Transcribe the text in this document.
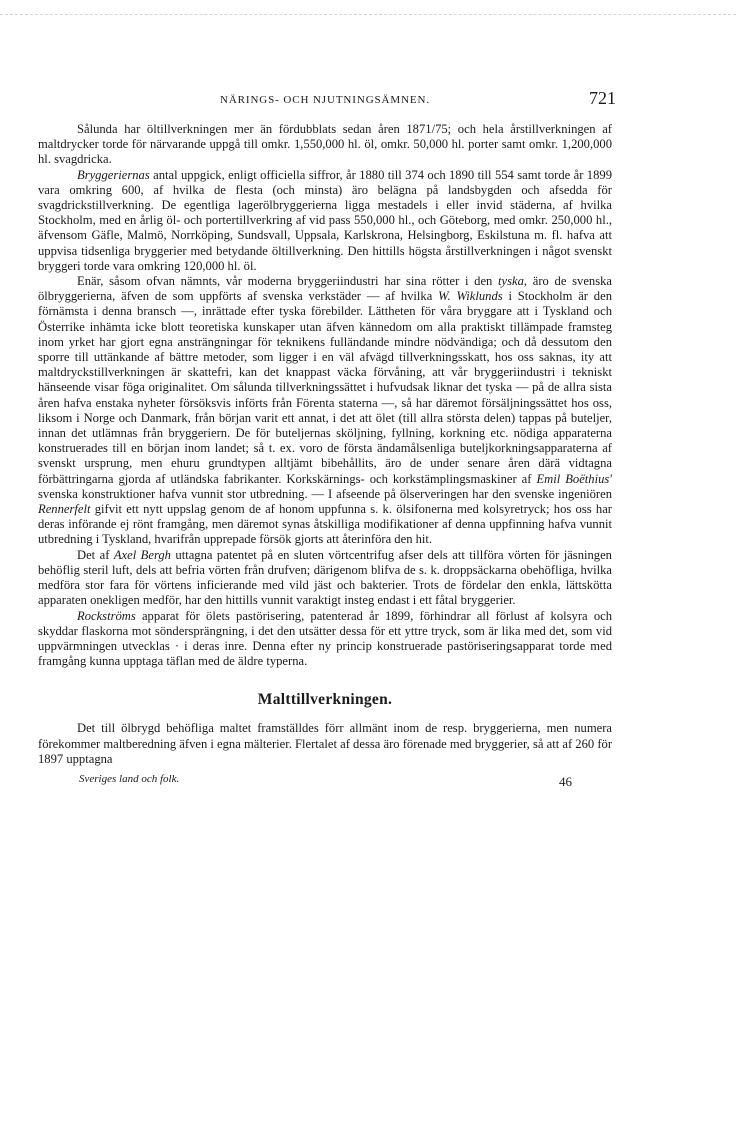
NÄRINGS- OCH NJUTNINGSÄMNEN.	721

Sålunda har öltillverkningen mer än fördubblats sedan åren 1871/75; och hela årstillverkningen af maltdrycker torde för närvarande uppgå till omkr. 1,550,000 hl. öl, omkr. 50,000 hl. porter samt omkr. 1,200,000 hl. svagdricka.

Bryggeriernas antal uppgick, enligt officiella siffror, år 1880 till 374 och 1890 till 554 samt torde år 1899 vara omkring 600, af hvilka de flesta (och minsta) äro belägna på landsbygden och afsedda för svagdrickstillverkning. De egentliga lagerölbryggerierna ligga mestadels i eller invid städerna, af hvilka Stockholm, med en årlig öl- och portertillverkring af vid pass 550,000 hl., och Göteborg, med omkr. 250,000 hl., äfvensom Gäfle, Malmö, Norrköping, Sundsvall, Uppsala, Karlskrona, Helsingborg, Eskilstuna m. fl. hafva att uppvisa tidsenliga bryggerier med betydande öltillverkning. Den hittills högsta årstillverkningen i något svenskt bryggeri torde vara omkring 120,000 hl. öl.

Enär, såsom ofvan nämnts, vår moderna bryggeriindustri har sina rötter i den tyska, äro de svenska ölbryggerierna, äfven de som uppförts af svenska verkstäder — af hvilka W. Wiklunds i Stockholm är den förnämsta i denna bransch —, inrättade efter tyska förebilder. Lättheten för våra bryggare att i Tyskland och Österrike inhämta icke blott teoretiska kunskaper utan äfven kännedom om alla praktiskt tillämpade framsteg inom yrket har gjort egna ansträngningar för teknikens fulländande mindre nödvändiga; och då dessutom den sporre till uttänkande af bättre metoder, som ligger i en väl afvägd tillverkningsskatt, hos oss saknas, ity att maltdryckstillverkningen är skattefri, kan det knappast väcka förvåning, att vår bryggeriindustri i tekniskt hänseende visar föga originalitet. Om sålunda tillverkningssättet i hufvudsak liknar det tyska — på de allra sista åren hafva enstaka nyheter försöksvis införts från Förenta staterna —, så har däremot försäljningssättet hos oss, liksom i Norge och Danmark, från början varit ett annat, i det att ölet (till allra största delen) tappas på buteljer, innan det utlämnas från bryggeriern. De för buteljernas sköljning, fyllning, korkning etc. nödiga apparaterna konstruerades till en början inom landet; så t. ex. voro de första ändamålsenliga buteljkorkningsapparaterna af svenskt ursprung, men ehuru grundtypen alltjämt bibehållits, äro de under senare åren därä vidtagna förbättringarna gjorda af utländska fabrikanter. Korkskärnings- och korkstämplingsmaskiner af Emil Boëthius' svenska konstruktioner hafva vunnit stor utbredning. — I afseende på ölserveringen har den svenske ingeniören Rennerfelt gifvit ett nytt uppslag genom de af honom uppfunna s. k. ölsifonerna med kolsyretryck; hos oss har deras införande ej rönt framgång, men däremot synas åtskilliga modifikationer af denna uppfinning hafva vunnit utbredning i Tyskland, hvarifrån upprepade försök gjorts att återinföra den hit.

Det af Axel Bergh uttagna patentet på en sluten vörtcentrifug afser dels att tillföra vörten för jäsningen behöflig steril luft, dels att befria vörten från drufven; därigenom blifva de s. k. droppsäckarna obehöfliga, hvilka medföra stor fara för vörtens inficierande med vild jäst och bakterier. Trots de fördelar den enkla, lättskötta apparaten onekligen medför, har den hittills vunnit varaktigt insteg endast i ett fåtal bryggerier.

Rockströms apparat för ölets pastörisering, patenterad år 1899, förhindrar all förlust af kolsyra och skyddar flaskorna mot söndersprängning, i det den utsätter dessa för ett yttre tryck, som är lika med det, som vid uppvärmningen utvecklas · i deras inre. Denna efter ny princip konstruerade pastöriseringsapparat torde med framgång kunna upptaga täflan med de äldre typerna.

Malttillverkningen.

Det till ölbrygd behöfliga maltet framställdes förr allmänt inom de resp. bryggerierna, men numera förekommer maltberedning äfven i egna mälterier. Flertalet af dessa äro förenade med bryggerier, så att af 260 för 1897 upptagna

Sveriges land och folk.	46
